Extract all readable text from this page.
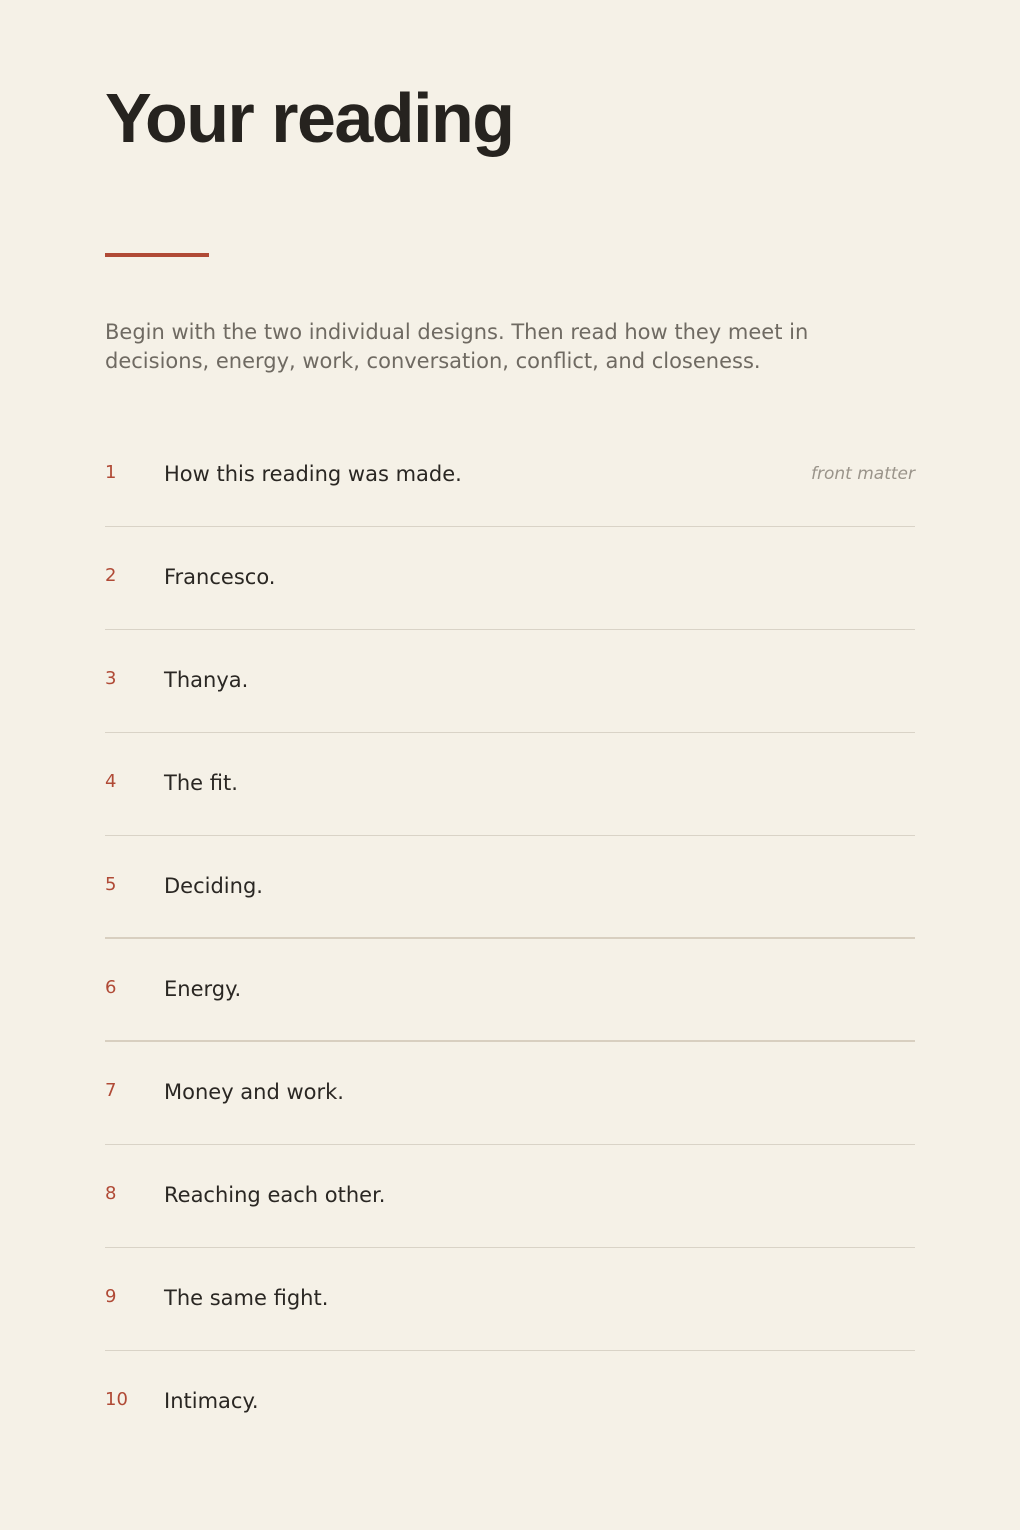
Your reading

Begin with the two individual designs. Then read how they meet in decisions, energy, work, conversation, conflict, and closeness.

1 How this reading was made.	front matter
2 Francesco.
3 Thanya.
4 The fit.
5 Deciding.
6 Energy.
7 Money and work.
8 Reaching each other.
9 The same fight.
10 Intimacy.
